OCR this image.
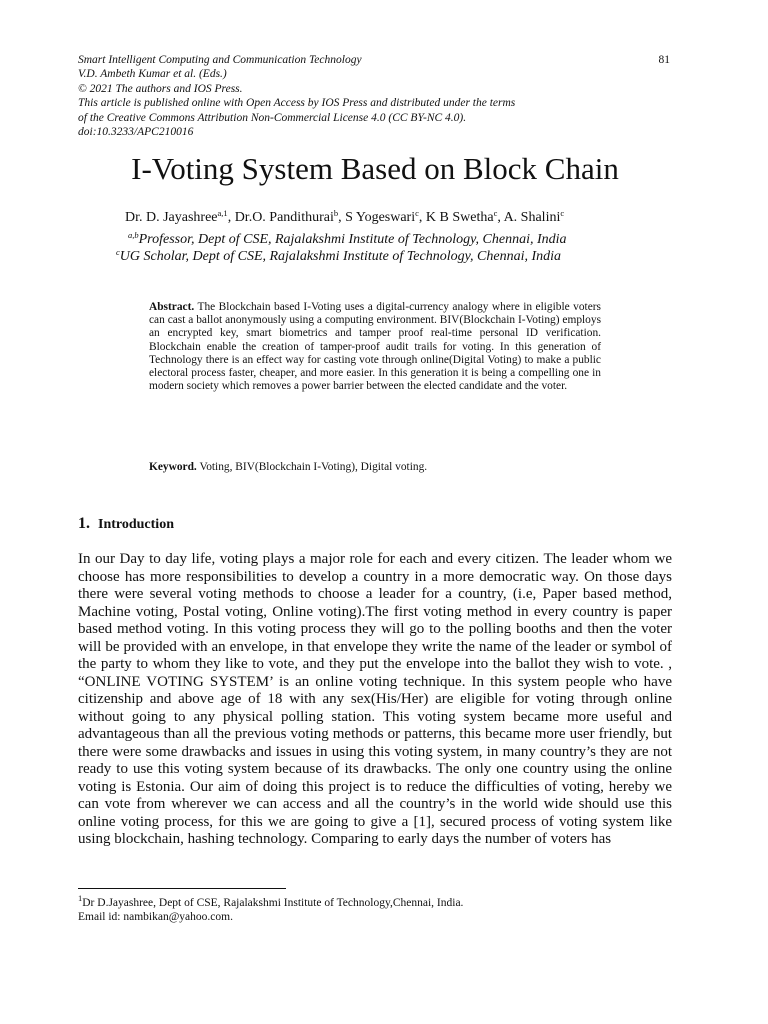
Smart Intelligent Computing and Communication Technology
V.D. Ambeth Kumar et al. (Eds.)
© 2021 The authors and IOS Press.
This article is published online with Open Access by IOS Press and distributed under the terms
of the Creative Commons Attribution Non-Commercial License 4.0 (CC BY-NC 4.0).
doi:10.3233/APC210016
81
I-Voting System Based on Block Chain
Dr. D. Jayashree$^{a,1}$, Dr.O. Pandithurai$^b$, S Yogeswari$^c$, K B Swetha$^c$, A. Shalini$^c$
$^{a,b}$Professor, Dept of CSE, Rajalakshmi Institute of Technology, Chennai, India
$^c$UG Scholar, Dept of CSE, Rajalakshmi Institute of Technology, Chennai, India
Abstract. The Blockchain based I-Voting uses a digital-currency analogy where in eligible voters can cast a ballot anonymously using a computing environment. BIV(Blockchain I-Voting) employs an encrypted key, smart biometrics and tamper proof real-time personal ID verification. Blockchain enable the creation of tamper-proof audit trails for voting. In this generation of Technology there is an effect way for casting vote through online(Digital Voting) to make a public electoral process faster, cheaper, and more easier. In this generation it is being a compelling one in modern society which removes a power barrier between the elected candidate and the voter.
Keyword. Voting, BIV(Blockchain I-Voting), Digital voting.
1. Introduction
In our Day to day life, voting plays a major role for each and every citizen. The leader whom we choose has more responsibilities to develop a country in a more democratic way. On those days there were several voting methods to choose a leader for a country, (i.e, Paper based method, Machine voting, Postal voting, Online voting).The first voting method in every country is paper based method voting. In this voting process they will go to the polling booths and then the voter will be provided with an envelope, in that envelope they write the name of the leader or symbol of the party to whom they like to vote, and they put the envelope into the ballot they wish to vote. , “ONLINE VOTING SYSTEM’ is an online voting technique. In this system people who have citizenship and above age of 18 with any sex(His/Her) are eligible for voting through online without going to any physical polling station. This voting system became more useful and advantageous than all the previous voting methods or patterns, this became more user friendly, but there were some drawbacks and issues in using this voting system, in many country’s they are not ready to use this voting system because of its drawbacks. The only one country using the online voting is Estonia. Our aim of doing this project is to reduce the difficulties of voting, hereby we can vote from wherever we can access and all the country’s in the world wide should use this online voting process, for this we are going to give a [1], secured process of voting system like using blockchain, hashing technology. Comparing to early days the number of voters has
$^1$Dr D.Jayashree, Dept of CSE, Rajalakshmi Institute of Technology,Chennai, India.
Email id: nambikan@yahoo.com.
